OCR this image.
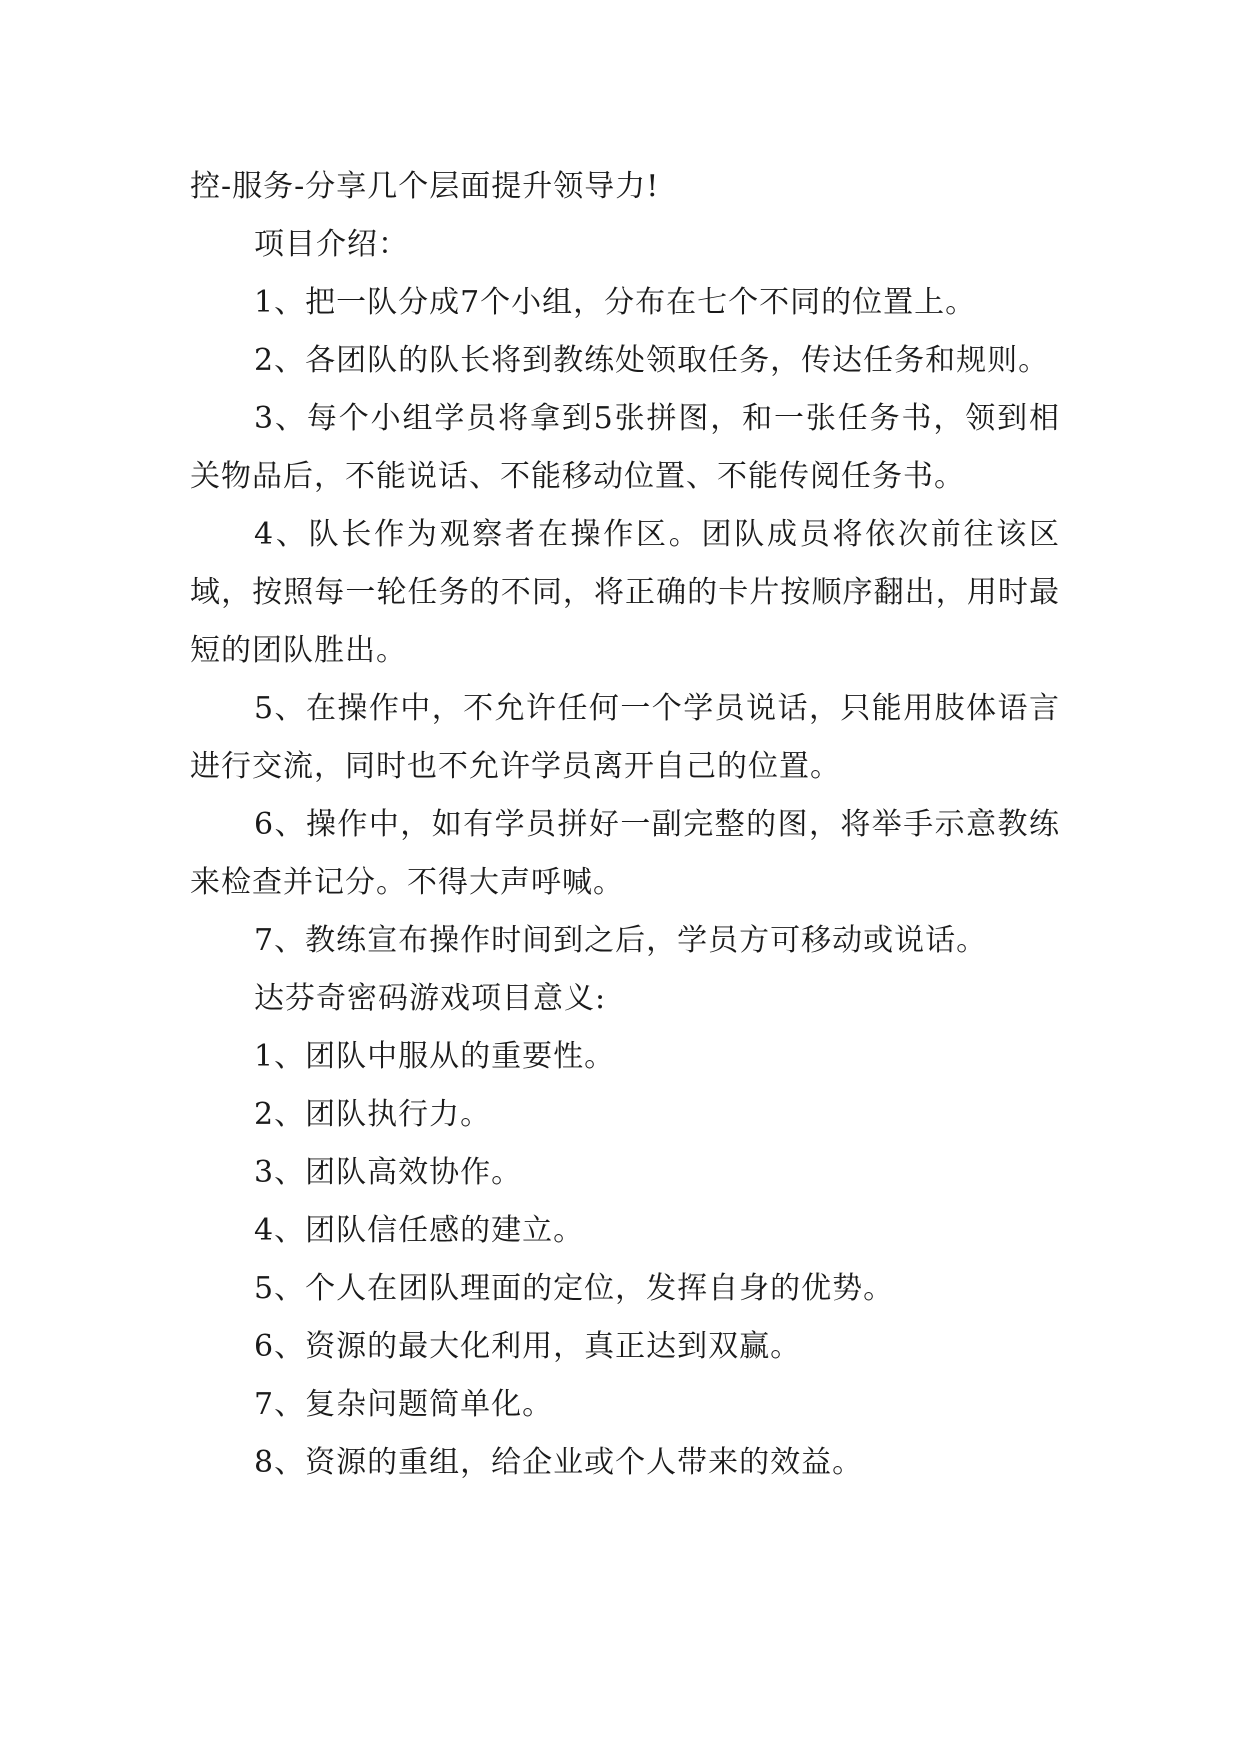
控-服务-分享几个层面提升领导力!

项目介绍：

1、把一队分成7个小组，分布在七个不同的位置上。

2、各团队的队长将到教练处领取任务，传达任务和规则。

3、每个小组学员将拿到5张拼图，和一张任务书，领到相关物品后，不能说话、不能移动位置、不能传阅任务书。

4、队长作为观察者在操作区。团队成员将依次前往该区域，按照每一轮任务的不同，将正确的卡片按顺序翻出，用时最短的团队胜出。

5、在操作中，不允许任何一个学员说话，只能用肢体语言进行交流，同时也不允许学员离开自己的位置。

6、操作中，如有学员拼好一副完整的图，将举手示意教练来检查并记分。不得大声呼喊。

7、教练宣布操作时间到之后，学员方可移动或说话。

达芬奇密码游戏项目意义:

1、团队中服从的重要性。

2、团队执行力。

3、团队高效协作。

4、团队信任感的建立。

5、个人在团队理面的定位，发挥自身的优势。

6、资源的最大化利用，真正达到双赢。

7、复杂问题简单化。

8、资源的重组，给企业或个人带来的效益。
